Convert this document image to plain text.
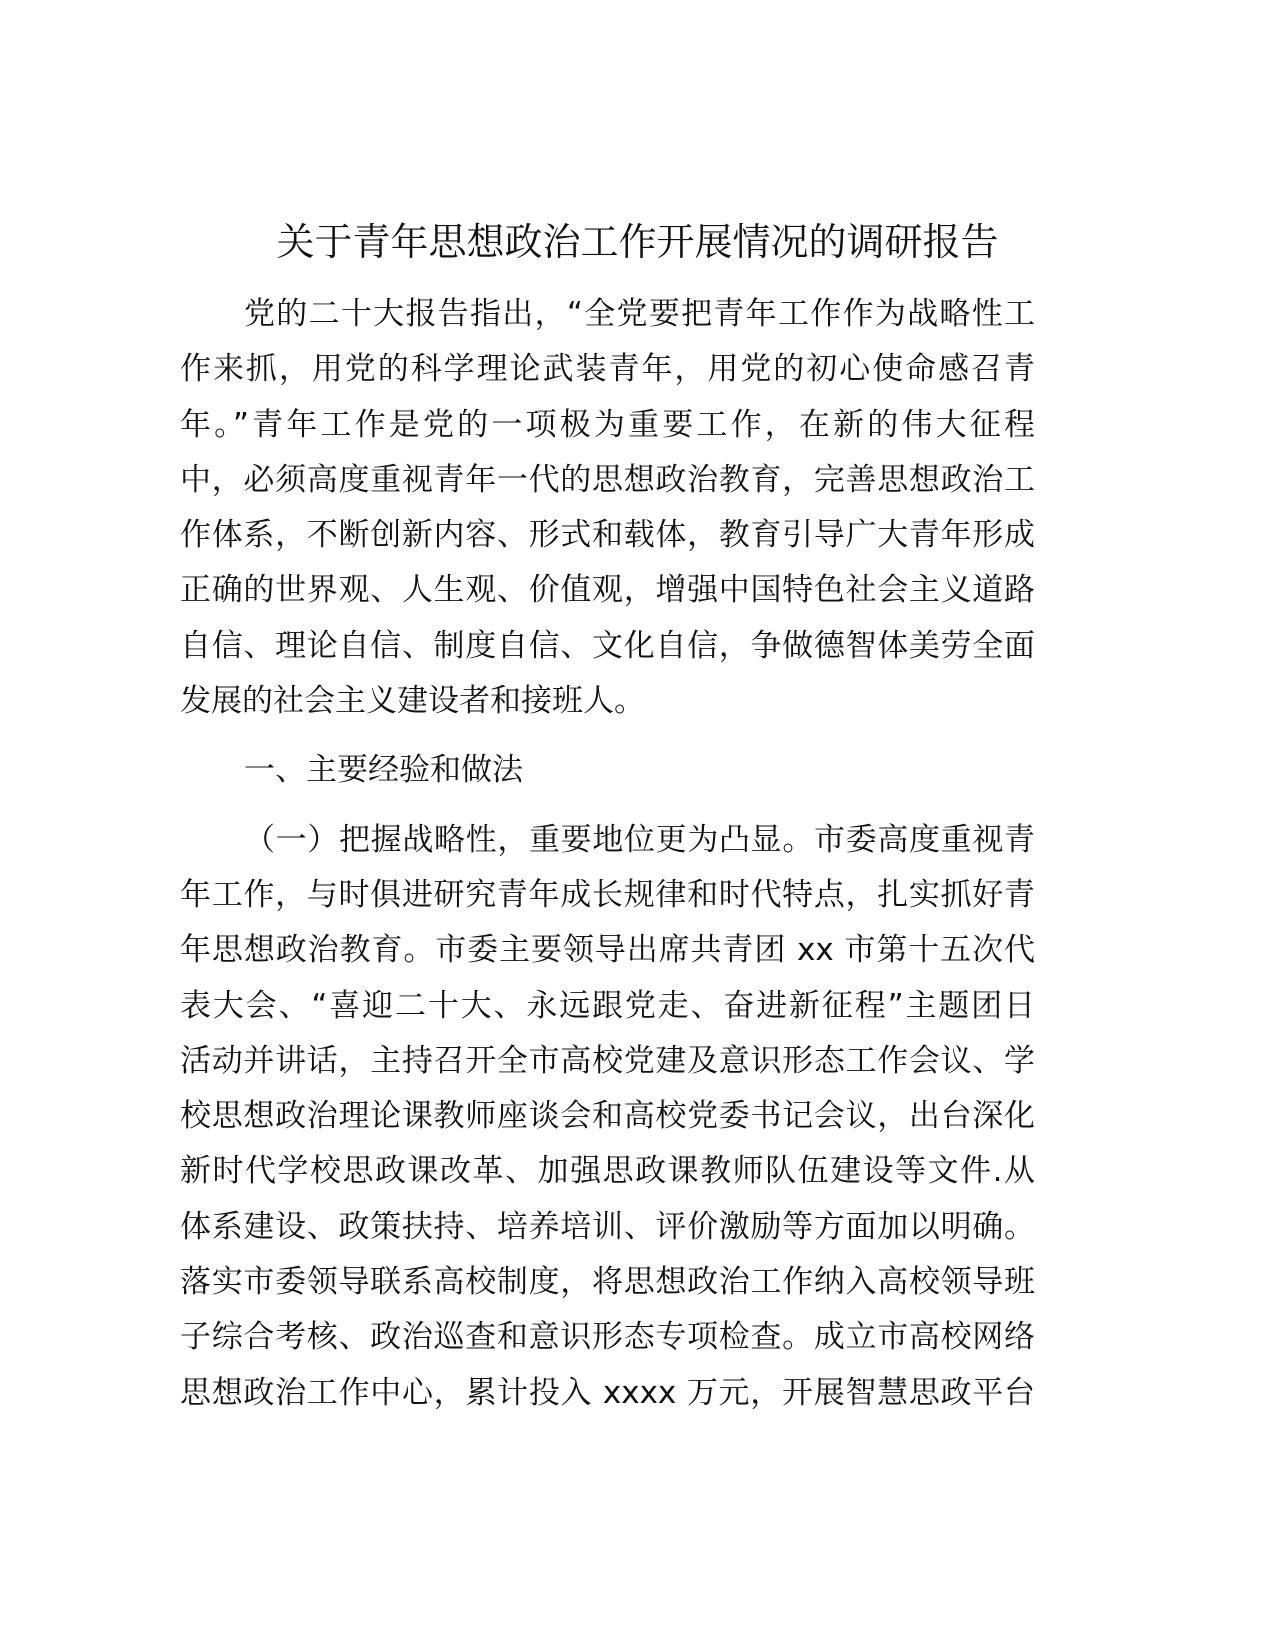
关于青年思想政治工作开展情况的调研报告
党的二十大报告指出，“全党要把青年工作作为战略性工
作来抓，用党的科学理论武装青年，用党的初心使命感召青
年。”青年工作是党的一项极为重要工作，在新的伟大征程
中，必须高度重视青年一代的思想政治教育，完善思想政治工
作体系，不断创新内容、形式和载体，教育引导广大青年形成
正确的世界观、人生观、价值观，增强中国特色社会主义道路
自信、理论自信、制度自信、文化自信，争做德智体美劳全面
发展的社会主义建设者和接班人。
一、主要经验和做法
（一）把握战略性，重要地位更为凸显。市委高度重视青
年工作，与时俱进研究青年成长规律和时代特点，扎实抓好青
年思想政治教育。市委主要领导出席共青团 xx 市第十五次代
表大会、“喜迎二十大、永远跟党走、奋进新征程”主题团日
活动并讲话，主持召开全市高校党建及意识形态工作会议、学
校思想政治理论课教师座谈会和高校党委书记会议，出台深化
新时代学校思政课改革、加强思政课教师队伍建设等文件.从
体系建设、政策扶持、培养培训、评价激励等方面加以明确。
落实市委领导联系高校制度，将思想政治工作纳入高校领导班
子综合考核、政治巡查和意识形态专项检查。成立市高校网络
思想政治工作中心，累计投入 xxxx 万元，开展智慧思政平台
